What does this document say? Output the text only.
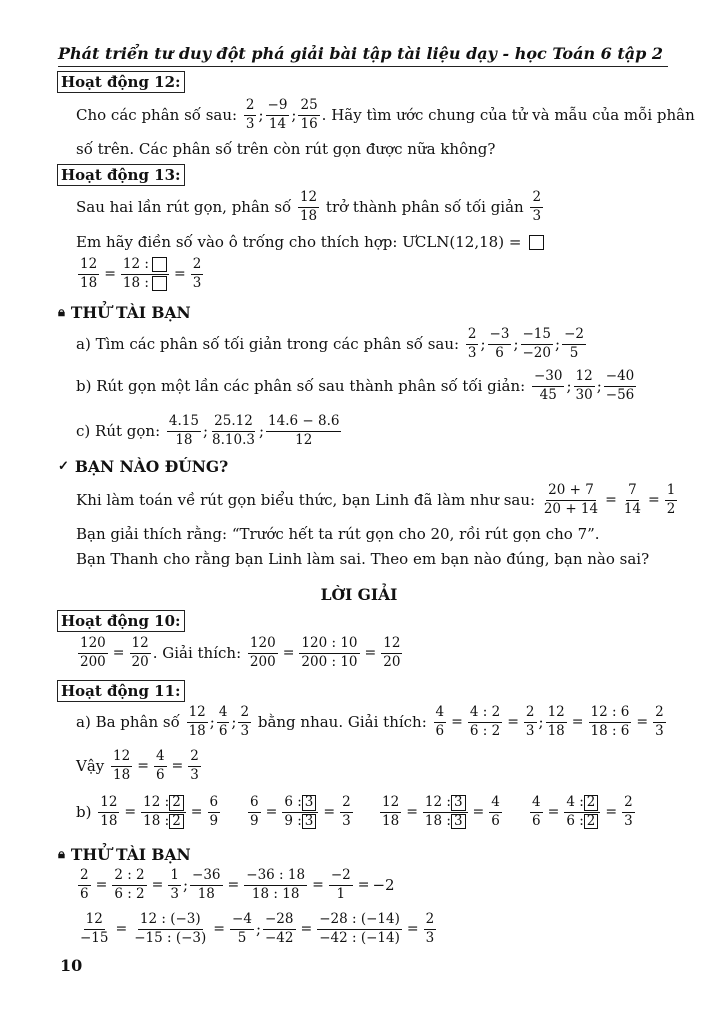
Phát triển tư duy đột phá giải bài tập tài liệu dạy - học Toán 6 tập 2
Hoạt động 12:
Cho các phân số sau: $\frac{2}{3}$ ; $\frac{-9}{14}$ ; $\frac{25}{16}$ . Hãy tìm ước chung của tử và mẫu của mỗi phân
số trên. Các phân số trên còn rút gọn được nữa không?
Hoạt động 13:
Sau hai lần rút gọn, phân số $\frac{12}{18}$ trở thành phân số tối giản $\frac{2}{3}$
Em hãy điền số vào ô trống cho thích hợp: ƯCLN(12,18) =
$\frac{12}{18} = \frac{12 :}{18 :} = \frac{2}{3}$
🔒︎ THỬ TÀI BẠN
a) Tìm các phân số tối giản trong các phân số sau: $\frac{2}{3}$ ; $\frac{-3}{6}$ ; $\frac{-15}{-20}$ ; $\frac{-2}{5}$
b) Rút gọn một lần các phân số sau thành phân số tối giản: $\frac{-30}{45}$ ; $\frac{12}{30}$ ; $\frac{-40}{-56}$
c) Rút gọn: $\frac{4.15}{18}$ ; $\frac{25.12}{8.10.3}$ ; $\frac{14.6 - 8.6}{12}$
✓ BẠN NÀO ĐÚNG?
Khi làm toán về rút gọn biểu thức, bạn Linh đã làm như sau: $\frac{20 + 7}{20 + 14} = \frac{7}{14} = \frac{1}{2}$
Bạn giải thích rằng: “Trước hết ta rút gọn cho 20, rồi rút gọn cho 7”.
Bạn Thanh cho rằng bạn Linh làm sai. Theo em bạn nào đúng, bạn nào sai?
LỜI GIẢI
Hoạt động 10:
$\frac{120}{200} = \frac{12}{20}$ . Giải thích: $\frac{120}{200} = \frac{120 : 10}{200 : 10} = \frac{12}{20}$
Hoạt động 11:
a) Ba phân số $\frac{12}{18}$ ; $\frac{4}{6}$ ; $\frac{2}{3}$ bằng nhau. Giải thích: $\frac{4}{6} = \frac{4 : 2}{6 : 2} = \frac{2}{3}$ ; $\frac{12}{18} = \frac{12 : 6}{18 : 6} = \frac{2}{3}$
Vậy $\frac{12}{18} = \frac{4}{6} = \frac{2}{3}$
$b) \frac{12}{18} = \frac{12 : 2}{18 : 2} = \frac{6}{9} \frac{6}{9} = \frac{6 : 3}{9 : 3} = \frac{2}{3} \frac{12}{18} = \frac{12 : 3}{18 : 3} = \frac{4}{6} \frac{4}{6} = \frac{4 : 2}{6 : 2} = \frac{2}{3}$
🔒︎ THỬ TÀI BẠN
$\frac{2}{6} = \frac{2 : 2}{6 : 2} = \frac{1}{3}$ ; $\frac{-36}{18} = \frac{-36 : 18}{18 : 18} = \frac{-2}{1} = -2$
$\frac{12}{-15} = \frac{12 : (-3)}{-15 : (-3)} = \frac{-4}{5}$ ; $\frac{-28}{-42} = \frac{-28 : (-14)}{-42 : (-14)} = \frac{2}{3}$
10
